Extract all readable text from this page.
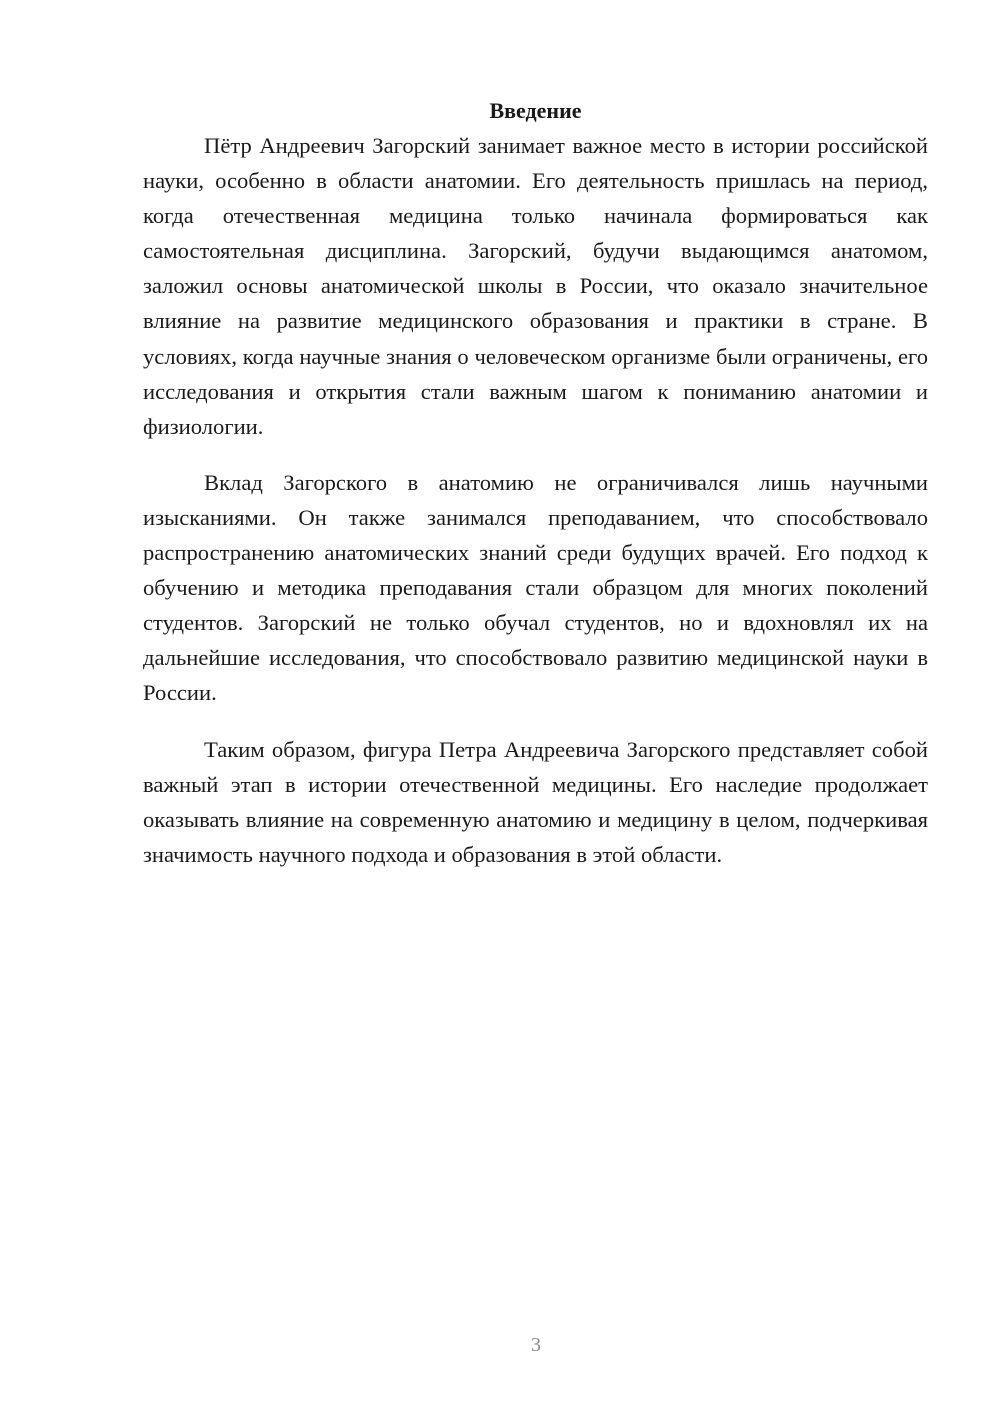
Введение

Пётр Андреевич Загорский занимает важное место в истории российской науки, особенно в области анатомии. Его деятельность пришлась на период, когда отечественная медицина только начинала формироваться как самостоятельная дисциплина. Загорский, будучи выдающимся анатомом, заложил основы анатомической школы в России, что оказало значительное влияние на развитие медицинского образования и практики в стране. В условиях, когда научные знания о человеческом организме были ограничены, его исследования и открытия стали важным шагом к пониманию анатомии и физиологии.

Вклад Загорского в анатомию не ограничивался лишь научными изысканиями. Он также занимался преподаванием, что способствовало распространению анатомических знаний среди будущих врачей. Его подход к обучению и методика преподавания стали образцом для многих поколений студентов. Загорский не только обучал студентов, но и вдохновлял их на дальнейшие исследования, что способствовало развитию медицинской науки в России.

Таким образом, фигура Петра Андреевича Загорского представляет собой важный этап в истории отечественной медицины. Его наследие продолжает оказывать влияние на современную анатомию и медицину в целом, подчеркивая значимость научного подхода и образования в этой области.

3
